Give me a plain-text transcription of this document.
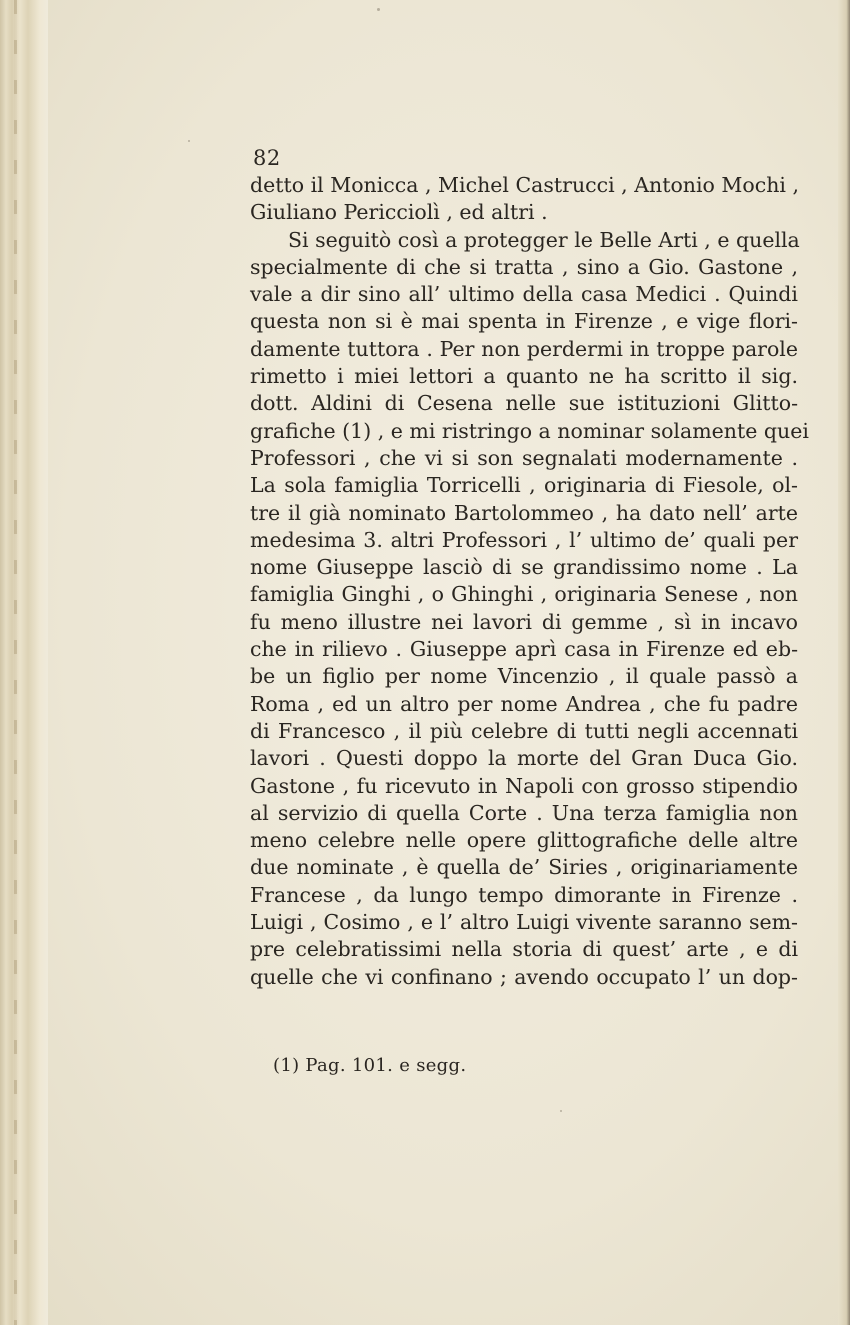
82
detto il Monicca , Michel Castrucci , Antonio Mochi ,
Giuliano Pericciolì , ed altri .
Si seguitò così a protegger le Belle Arti , e quella
specialmente di che si tratta , sino a Gio. Gastone ,
vale a dir sino all’ ultimo della casa Medici . Quindi
questa non si è mai spenta in Firenze , e vige flori-
damente tuttora . Per non perdermi in troppe parole
rimetto i miei lettori a quanto ne ha scritto il sig.
dott. Aldini di Cesena nelle sue istituzioni Glitto-
grafiche (1) , e mi ristringo a nominar solamente quei
Professori , che vi si son segnalati modernamente .
La sola famiglia Torricelli , originaria di Fiesole, ol-
tre il già nominato Bartolommeo , ha dato nell’ arte
medesima 3. altri Professori , l’ ultimo de’ quali per
nome Giuseppe lasciò di se grandissimo nome . La
famiglia Ginghi , o Ghinghi , originaria Senese , non
fu meno illustre nei lavori di gemme , sì in incavo
che in rilievo . Giuseppe aprì casa in Firenze ed eb-
be un figlio per nome Vincenzio , il quale passò a
Roma , ed un altro per nome Andrea , che fu padre
di Francesco , il più celebre di tutti negli accennati
lavori . Questi doppo la morte del Gran Duca Gio.
Gastone , fu ricevuto in Napoli con grosso stipendio
al servizio di quella Corte . Una terza famiglia non
meno celebre nelle opere glittografiche delle altre
due nominate , è quella de’ Siries , originariamente
Francese , da lungo tempo dimorante in Firenze .
Luigi , Cosimo , e l’ altro Luigi vivente saranno sem-
pre celebratissimi nella storia di quest’ arte , e di
quelle che vi confinano ; avendo occupato l’ un dop-
(1) Pag. 101. e segg.
